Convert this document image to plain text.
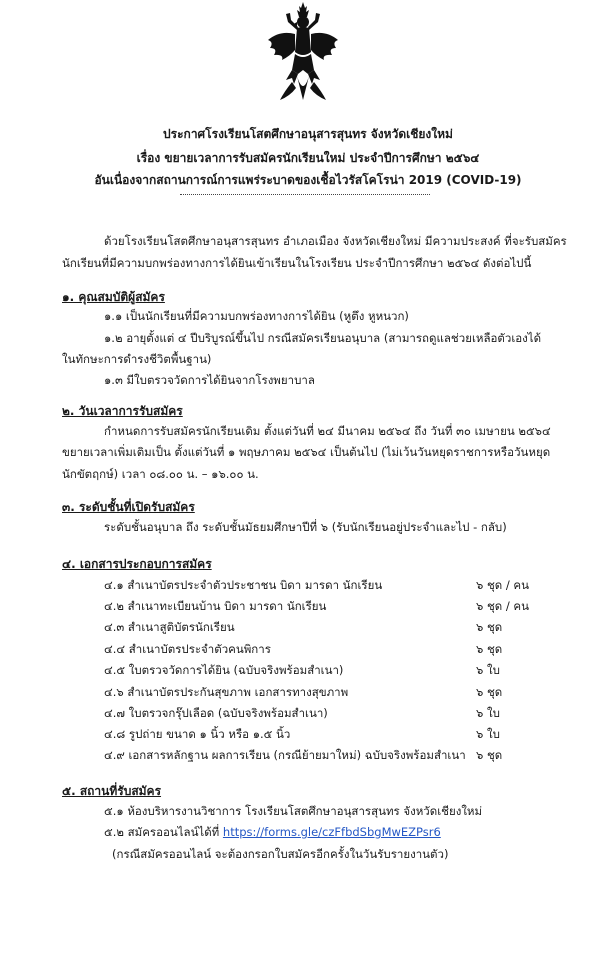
ประกาศโรงเรียนโสตศึกษาอนุสารสุนทร จังหวัดเชียงใหม่
เรื่อง ขยายเวลาการรับสมัครนักเรียนใหม่ ประจำปีการศึกษา ๒๕๖๔
อันเนื่องจากสถานการณ์การแพร่ระบาดของเชื้อไวรัสโคโรน่า 2019 (COVID-19)
ด้วยโรงเรียนโสตศึกษาอนุสารสุนทร อำเภอเมือง จังหวัดเชียงใหม่ มีความประสงค์ ที่จะรับสมัคร
นักเรียนที่มีความบกพร่องทางการได้ยินเข้าเรียนในโรงเรียน ประจำปีการศึกษา ๒๕๖๔ ดังต่อไปนี้
๑. คุณสมบัติผู้สมัคร
๑.๑ เป็นนักเรียนที่มีความบกพร่องทางการได้ยิน (หูตึง หูหนวก)
๑.๒ อายุตั้งแต่ ๔ ปีบริบูรณ์ขึ้นไป กรณีสมัครเรียนอนุบาล (สามารถดูแลช่วยเหลือตัวเองได้
ในทักษะการดำรงชีวิตพื้นฐาน)
๑.๓ มีใบตรวจวัดการได้ยินจากโรงพยาบาล
๒. วันเวลาการรับสมัคร
กำหนดการรับสมัครนักเรียนเดิม ตั้งแต่วันที่ ๒๔ มีนาคม ๒๕๖๔ ถึง วันที่ ๓๐ เมษายน ๒๕๖๔
ขยายเวลาเพิ่มเติมเป็น ตั้งแต่วันที่ ๑ พฤษภาคม ๒๕๖๔ เป็นต้นไป (ไม่เว้นวันหยุดราชการหรือวันหยุด
นักขัตฤกษ์) เวลา ๐๘.๐๐ น. – ๑๖.๐๐ น.
๓. ระดับชั้นที่เปิดรับสมัคร
ระดับชั้นอนุบาล ถึง ระดับชั้นมัธยมศึกษาปีที่ ๖ (รับนักเรียนอยู่ประจำและไป - กลับ)
๔. เอกสารประกอบการสมัคร
๔.๑ สำเนาบัตรประจำตัวประชาชน บิดา มารดา นักเรียน	๖ ชุด / คน
๔.๒ สำเนาทะเบียนบ้าน บิดา มารดา นักเรียน	๖ ชุด / คน
๔.๓ สำเนาสูติบัตรนักเรียน	๖ ชุด
๔.๔ สำเนาบัตรประจำตัวคนพิการ	๖ ชุด
๔.๕ ใบตรวจวัดการได้ยิน (ฉบับจริงพร้อมสำเนา)	๖ ใบ
๔.๖ สำเนาบัตรประกันสุขภาพ เอกสารทางสุขภาพ	๖ ชุด
๔.๗ ใบตรวจกรุ๊ปเลือด (ฉบับจริงพร้อมสำเนา)	๖ ใบ
๔.๘ รูปถ่าย ขนาด ๑ นิ้ว หรือ ๑.๕ นิ้ว	๖ ใบ
๔.๙ เอกสารหลักฐาน ผลการเรียน (กรณีย้ายมาใหม่) ฉบับจริงพร้อมสำเนา ๖ ชุด
๕. สถานที่รับสมัคร
๕.๑ ห้องบริหารงานวิชาการ โรงเรียนโสตศึกษาอนุสารสุนทร จังหวัดเชียงใหม่
๕.๒ สมัครออนไลน์ได้ที่ https://forms.gle/czFfbdSbgMwEZPsr6
(กรณีสมัครออนไลน์ จะต้องกรอกใบสมัครอีกครั้งในวันรับรายงานตัว)
